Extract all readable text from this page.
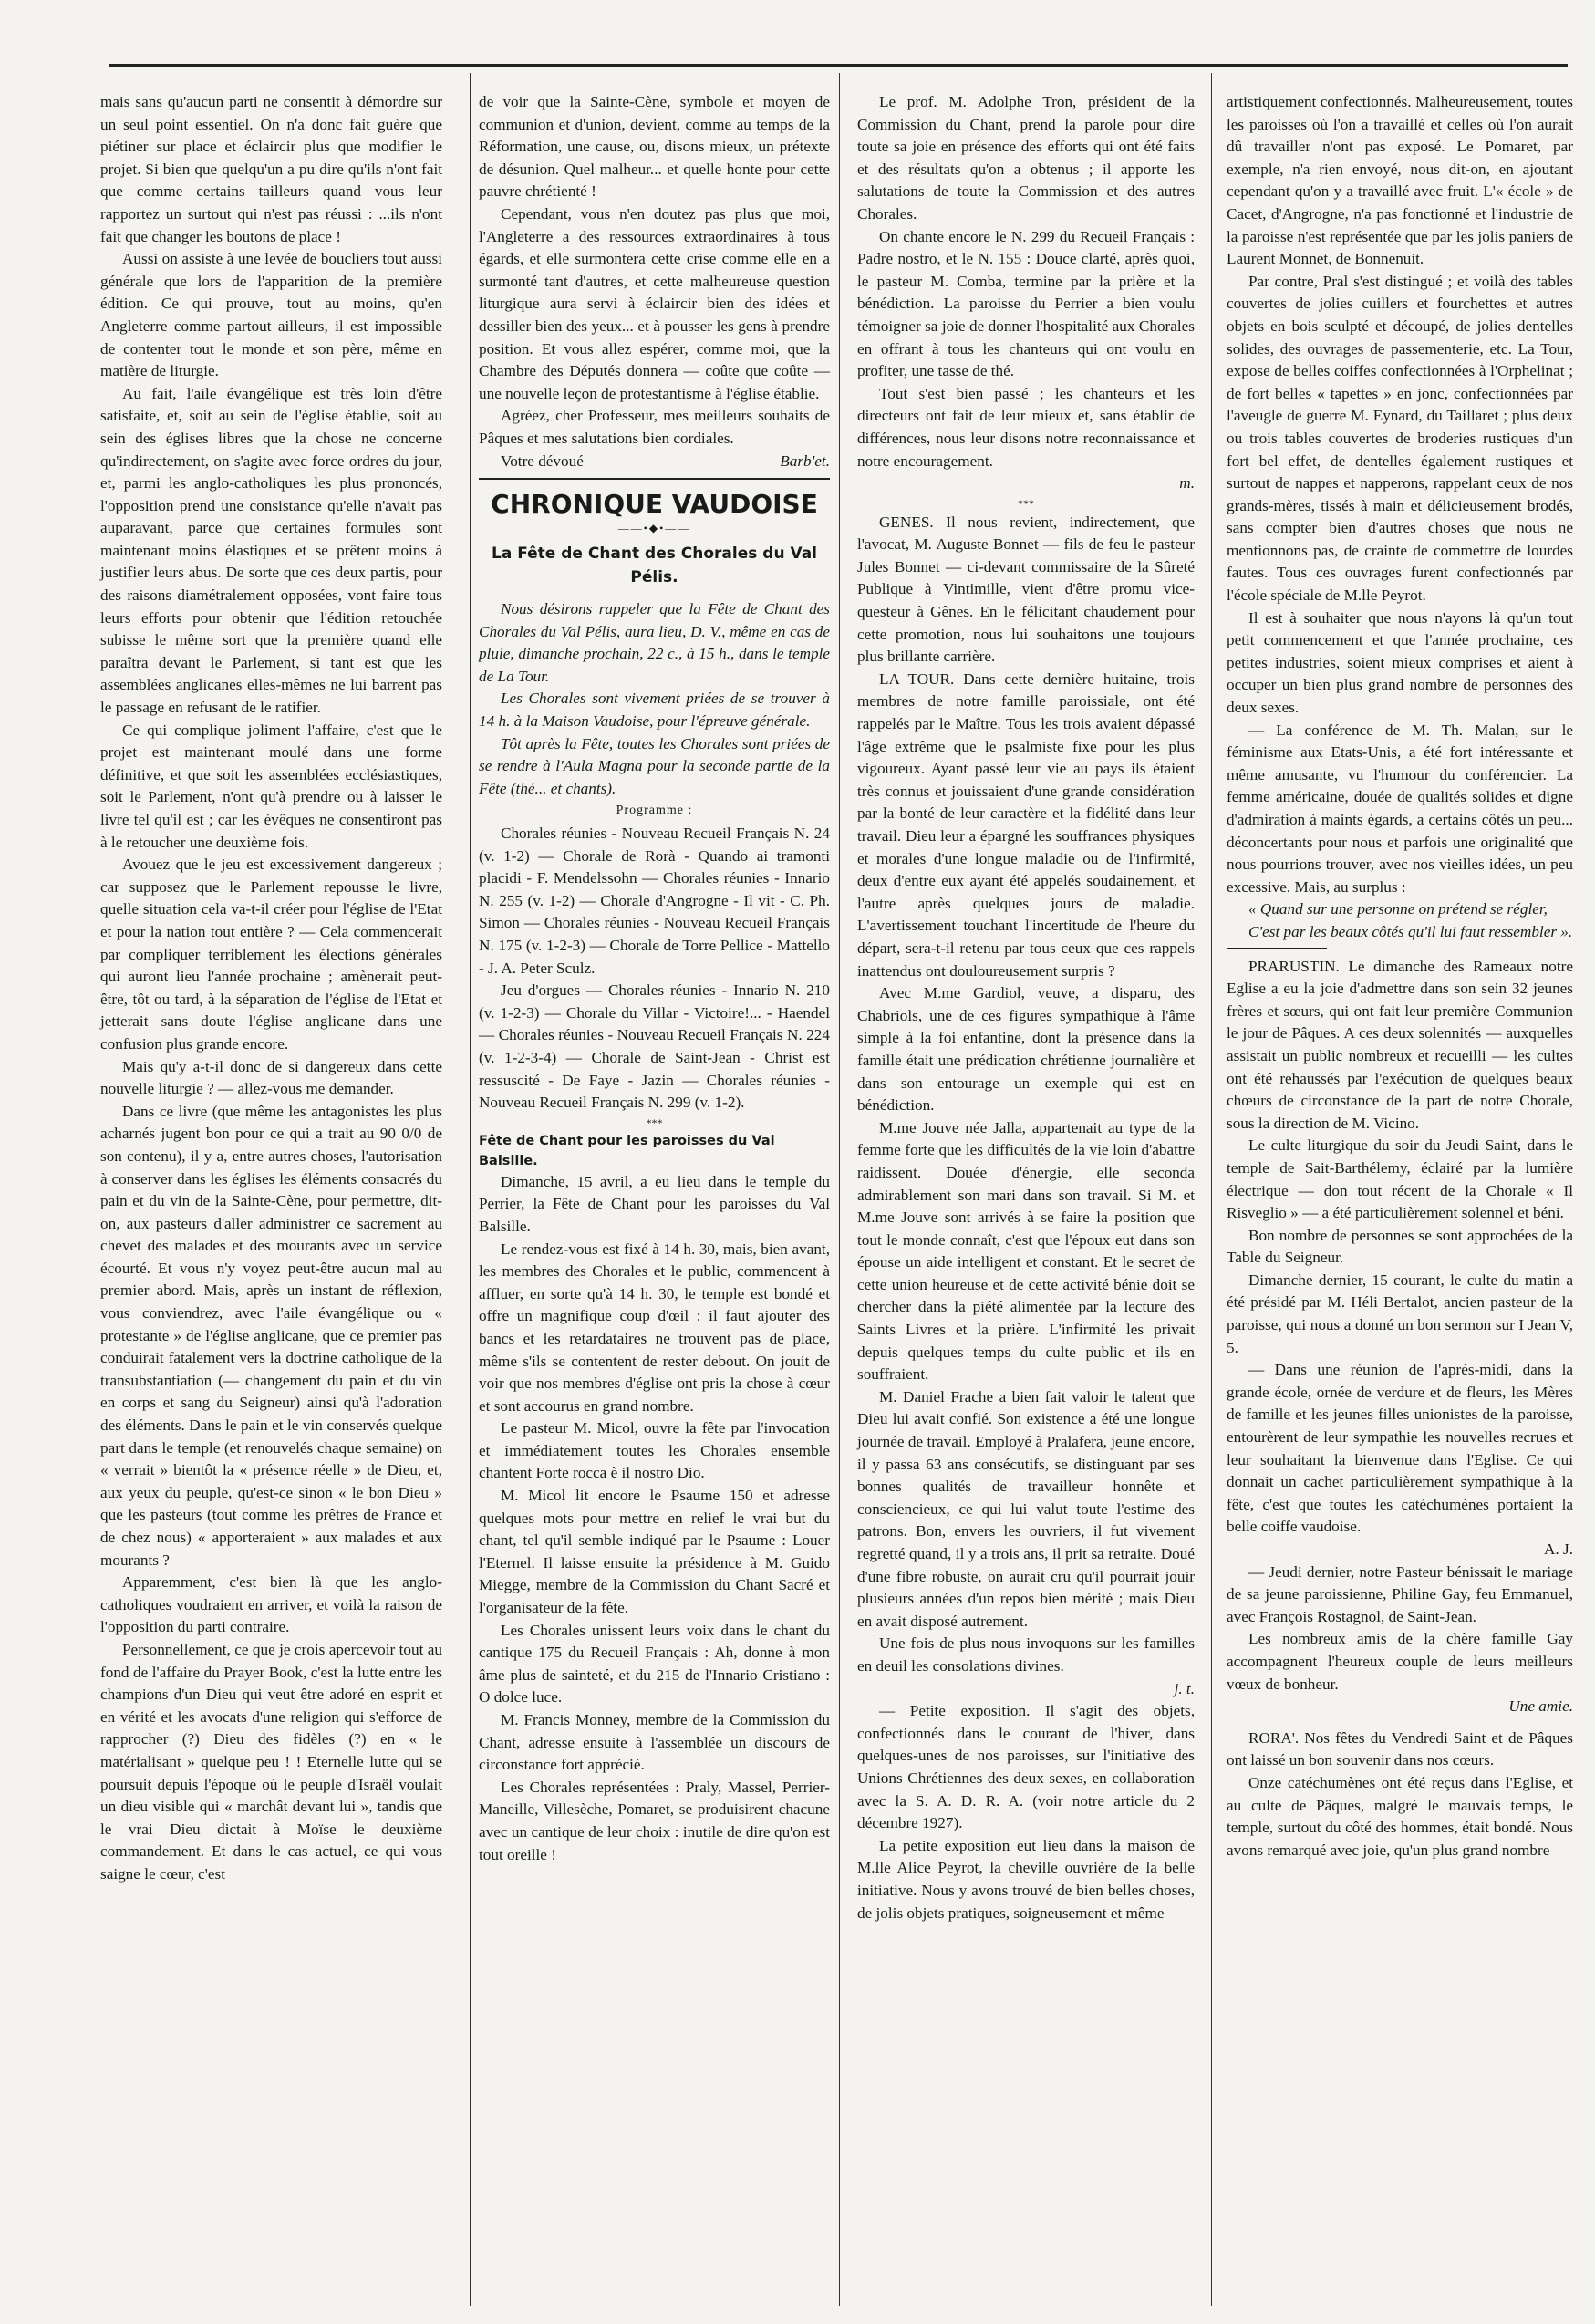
mais sans qu'aucun parti ne consentit à démordre sur un seul point essentiel. On n'a donc fait guère que piétiner sur place et éclaircir plus que modifier le projet. Si bien que quelqu'un a pu dire qu'ils n'ont fait que comme certains tailleurs quand vous leur rapportez un surtout qui n'est pas réussi : ...ils n'ont fait que changer les boutons de place !

Aussi on assiste à une levée de boucliers tout aussi générale que lors de l'apparition de la première édition. Ce qui prouve, tout au moins, qu'en Angleterre comme partout ailleurs, il est impossible de contenter tout le monde et son père, même en matière de liturgie.

Au fait, l'aile évangélique est très loin d'être satisfaite, et, soit au sein de l'église établie, soit au sein des églises libres que la chose ne concerne qu'indirectement, on s'agite avec force ordres du jour, et, parmi les anglo-catholiques les plus prononcés, l'opposition prend une consistance qu'elle n'avait pas auparavant, parce que certaines formules sont maintenant moins élastiques et se prêtent moins à justifier leurs abus. De sorte que ces deux partis, pour des raisons diamétralement opposées, vont faire tous leurs efforts pour obtenir que l'édition retouchée subisse le même sort que la première quand elle paraîtra devant le Parlement, si tant est que les assemblées anglicanes elles-mêmes ne lui barrent pas le passage en refusant de le ratifier.

Ce qui complique joliment l'affaire, c'est que le projet est maintenant moulé dans une forme définitive, et que soit les assemblées ecclésiastiques, soit le Parlement, n'ont qu'à prendre ou à laisser le livre tel qu'il est ; car les évêques ne consentiront pas à le retoucher une deuxième fois.

Avouez que le jeu est excessivement dangereux ; car supposez que le Parlement repousse le livre, quelle situation cela va-t-il créer pour l'église de l'Etat et pour la nation tout entière ? — Cela commencerait par compliquer terriblement les élections générales qui auront lieu l'année prochaine ; amènerait peut-être, tôt ou tard, à la séparation de l'église de l'Etat et jetterait sans doute l'église anglicane dans une confusion plus grande encore.

Mais qu'y a-t-il donc de si dangereux dans cette nouvelle liturgie ? — allez-vous me demander.

Dans ce livre (que même les antagonistes les plus acharnés jugent bon pour ce qui a trait au 90 0/0 de son contenu), il y a, entre autres choses, l'autorisation à conserver dans les églises les éléments consacrés du pain et du vin de la Sainte-Cène, pour permettre, dit-on, aux pasteurs d'aller administrer ce sacrement au chevet des malades et des mourants avec un service écourté. Et vous n'y voyez peut-être aucun mal au premier abord. Mais, après un instant de réflexion, vous conviendrez, avec l'aile évangélique ou « protestante » de l'église anglicane, que ce premier pas conduirait fatalement vers la doctrine catholique de la transubstantiation (— changement du pain et du vin en corps et sang du Seigneur) ainsi qu'à l'adoration des éléments. Dans le pain et le vin conservés quelque part dans le temple (et renouvelés chaque semaine) on « verrait » bientôt la « présence réelle » de Dieu, et, aux yeux du peuple, qu'est-ce sinon « le bon Dieu » que les pasteurs (tout comme les prêtres de France et de chez nous) « apporteraient » aux malades et aux mourants ?

Apparemment, c'est bien là que les anglo-catholiques voudraient en arriver, et voilà la raison de l'opposition du parti contraire.

Personnellement, ce que je crois apercevoir tout au fond de l'affaire du Prayer Book, c'est la lutte entre les champions d'un Dieu qui veut être adoré en esprit et en vérité et les avocats d'une religion qui s'efforce de rapprocher (?) Dieu des fidèles (?) en « le matérialisant » quelque peu ! ! Eternelle lutte qui se poursuit depuis l'époque où le peuple d'Israël voulait un dieu visible qui « marchât devant lui », tandis que le vrai Dieu dictait à Moïse le deuxième commandement. Et dans le cas actuel, ce qui vous saigne le cœur, c'est

de voir que la Sainte-Cène, symbole et moyen de communion et d'union, devient, comme au temps de la Réformation, une cause, ou, disons mieux, un prétexte de désunion. Quel malheur... et quelle honte pour cette pauvre chrétienté !

Cependant, vous n'en doutez pas plus que moi, l'Angleterre a des ressources extraordinaires à tous égards, et elle surmontera cette crise comme elle en a surmonté tant d'autres, et cette malheureuse question liturgique aura servi à éclaircir bien des idées et dessiller bien des yeux... et à pousser les gens à prendre position. Et vous allez espérer, comme moi, que la Chambre des Députés donnera — coûte que coûte — une nouvelle leçon de protestantisme à l'église établie.

Agréez, cher Professeur, mes meilleurs souhaits de Pâques et mes salutations bien cordiales.

Votre dévoué	Barb'et.
CHRONIQUE VAUDOISE
——•◆•——
La Fête de Chant des Chorales du Val Pélis.

Nous désirons rappeler que la Fête de Chant des Chorales du Val Pélis, aura lieu, D. V., même en cas de pluie, dimanche prochain, 22 c., à 15 h., dans le temple de La Tour.

Les Chorales sont vivement priées de se trouver à 14 h. à la Maison Vaudoise, pour l'épreuve générale.

Tôt après la Fête, toutes les Chorales sont priées de se rendre à l'Aula Magna pour la seconde partie de la Fête (thé... et chants).

Programme :

Chorales réunies - Nouveau Recueil Français N. 24 (v. 1-2) — Chorale de Rorà - Quando ai tramonti placidi - F. Mendelssohn — Chorales réunies - Innario N. 255 (v. 1-2) — Chorale d'Angrogne - Il vit - C. Ph. Simon — Chorales réunies - Nouveau Recueil Français N. 175 (v. 1-2-3) — Chorale de Torre Pellice - Mattello - J. A. Peter Sculz.

Jeu d'orgues — Chorales réunies - Innario N. 210 (v. 1-2-3) — Chorale du Villar - Victoire!... - Haendel — Chorales réunies - Nouveau Recueil Français N. 224 (v. 1-2-3-4) — Chorale de Saint-Jean - Christ est ressuscité - De Faye - Jazin — Chorales réunies - Nouveau Recueil Français N. 299 (v. 1-2).

***

Fête de Chant pour les paroisses du Val Balsille.

Dimanche, 15 avril, a eu lieu dans le temple du Perrier, la Fête de Chant pour les paroisses du Val Balsille.

Le rendez-vous est fixé à 14 h. 30, mais, bien avant, les membres des Chorales et le public, commencent à affluer, en sorte qu'à 14 h. 30, le temple est bondé et offre un magnifique coup d'œil : il faut ajouter des bancs et les retardataires ne trouvent pas de place, même s'ils se contentent de rester debout. On jouit de voir que nos membres d'église ont pris la chose à cœur et sont accourus en grand nombre.

Le pasteur M. Micol, ouvre la fête par l'invocation et immédiatement toutes les Chorales ensemble chantent Forte rocca è il nostro Dio.

M. Micol lit encore le Psaume 150 et adresse quelques mots pour mettre en relief le vrai but du chant, tel qu'il semble indiqué par le Psaume : Louer l'Eternel. Il laisse ensuite la présidence à M. Guido Miegge, membre de la Commission du Chant Sacré et l'organisateur de la fête.

Les Chorales unissent leurs voix dans le chant du cantique 175 du Recueil Français : Ah, donne à mon âme plus de sainteté, et du 215 de l'Innario Cristiano : O dolce luce.

M. Francis Monney, membre de la Commission du Chant, adresse ensuite à l'assemblée un discours de circonstance fort apprécié.

Les Chorales représentées : Praly, Massel, Perrier-Maneille, Villesèche, Pomaret, se produisirent chacune avec un cantique de leur choix : inutile de dire qu'on est tout oreille !

Le prof. M. Adolphe Tron, président de la Commission du Chant, prend la parole pour dire toute sa joie en présence des efforts qui ont été faits et des résultats qu'on a obtenus ; il apporte les salutations de toute la Commission et des autres Chorales.

On chante encore le N. 299 du Recueil Français : Padre nostro, et le N. 155 : Douce clarté, après quoi, le pasteur M. Comba, termine par la prière et la bénédiction. La paroisse du Perrier a bien voulu témoigner sa joie de donner l'hospitalité aux Chorales en offrant à tous les chanteurs qui ont voulu en profiter, une tasse de thé.

Tout s'est bien passé ; les chanteurs et les directeurs ont fait de leur mieux et, sans établir de différences, nous leur disons notre reconnaissance et notre encouragement.

m.

***

GENES. Il nous revient, indirectement, que l'avocat, M. Auguste Bonnet — fils de feu le pasteur Jules Bonnet — ci-devant commissaire de la Sûreté Publique à Vintimille, vient d'être promu vice-questeur à Gênes. En le félicitant chaudement pour cette promotion, nous lui souhaitons une toujours plus brillante carrière.

LA TOUR. Dans cette dernière huitaine, trois membres de notre famille paroissiale, ont été rappelés par le Maître. Tous les trois avaient dépassé l'âge extrême que le psalmiste fixe pour les plus vigoureux. Ayant passé leur vie au pays ils étaient très connus et jouissaient d'une grande considération par la bonté de leur caractère et la fidélité dans leur travail. Dieu leur a épargné les souffrances physiques et morales d'une longue maladie ou de l'infirmité, deux d'entre eux ayant été appelés soudainement, et l'autre après quelques jours de maladie. L'avertissement touchant l'incertitude de l'heure du départ, sera-t-il retenu par tous ceux que ces rappels inattendus ont douloureusement surpris ?

Avec M.me Gardiol, veuve, a disparu, des Chabriols, une de ces figures sympathique à l'âme simple à la foi enfantine, dont la présence dans la famille était une prédication chrétienne journalière et dans son entourage un exemple qui est en bénédiction.

M.me Jouve née Jalla, appartenait au type de la femme forte que les difficultés de la vie loin d'abattre raidissent. Douée d'énergie, elle seconda admirablement son mari dans son travail. Si M. et M.me Jouve sont arrivés à se faire la position que tout le monde connaît, c'est que l'époux eut dans son épouse un aide intelligent et constant. Et le secret de cette union heureuse et de cette activité bénie doit se chercher dans la piété alimentée par la lecture des Saints Livres et la prière. L'infirmité les privait depuis quelques temps du culte public et ils en souffraient.

M. Daniel Frache a bien fait valoir le talent que Dieu lui avait confié. Son existence a été une longue journée de travail. Employé à Pralafera, jeune encore, il y passa 63 ans consécutifs, se distinguant par ses bonnes qualités de travailleur honnête et consciencieux, ce qui lui valut toute l'estime des patrons. Bon, envers les ouvriers, il fut vivement regretté quand, il y a trois ans, il prit sa retraite. Doué d'une fibre robuste, on aurait cru qu'il pourrait jouir plusieurs années d'un repos bien mérité ; mais Dieu en avait disposé autrement.

Une fois de plus nous invoquons sur les familles en deuil les consolations divines.

j. t.

— Petite exposition. Il s'agit des objets, confectionnés dans le courant de l'hiver, dans quelques-unes de nos paroisses, sur l'initiative des Unions Chrétiennes des deux sexes, en collaboration avec la S. A. D. R. A. (voir notre article du 2 décembre 1927).

La petite exposition eut lieu dans la maison de M.lle Alice Peyrot, la cheville ouvrière de la belle initiative. Nous y avons trouvé de bien belles choses, de jolis objets pratiques, soigneusement et même

artistiquement confectionnés. Malheureusement, toutes les paroisses où l'on a travaillé et celles où l'on aurait dû travailler n'ont pas exposé. Le Pomaret, par exemple, n'a rien envoyé, nous dit-on, en ajoutant cependant qu'on y a travaillé avec fruit. L'« école » de Cacet, d'Angrogne, n'a pas fonctionné et l'industrie de la paroisse n'est représentée que par les jolis paniers de Laurent Monnet, de Bonnenuit.

Par contre, Pral s'est distingué ; et voilà des tables couvertes de jolies cuillers et fourchettes et autres objets en bois sculpté et découpé, de jolies dentelles solides, des ouvrages de passementerie, etc. La Tour, expose de belles coiffes confectionnées à l'Orphelinat ; de fort belles « tapettes » en jonc, confectionnées par l'aveugle de guerre M. Eynard, du Taillaret ; plus deux ou trois tables couvertes de broderies rustiques d'un fort bel effet, de dentelles également rustiques et surtout de nappes et napperons, rappelant ceux de nos grands-mères, tissés à main et délicieusement brodés, sans compter bien d'autres choses que nous ne mentionnons pas, de crainte de commettre de lourdes fautes. Tous ces ouvrages furent confectionnés par l'école spéciale de M.lle Peyrot.

Il est à souhaiter que nous n'ayons là qu'un tout petit commencement et que l'année prochaine, ces petites industries, soient mieux comprises et aient à occuper un bien plus grand nombre de personnes des deux sexes.

— La conférence de M. Th. Malan, sur le féminisme aux Etats-Unis, a été fort intéressante et même amusante, vu l'humour du conférencier. La femme américaine, douée de qualités solides et digne d'admiration à maints égards, a certains côtés un peu... déconcertants pour nous et parfois une originalité que nous pourrions trouver, avec nos vieilles idées, un peu excessive. Mais, au surplus :

« Quand sur une personne on prétend se régler,

C'est par les beaux côtés qu'il lui faut ressembler ».

PRARUSTIN. Le dimanche des Rameaux notre Eglise a eu la joie d'admettre dans son sein 32 jeunes frères et sœurs, qui ont fait leur première Communion le jour de Pâques. A ces deux solennités — auxquelles assistait un public nombreux et recueilli — les cultes ont été rehaussés par l'exécution de quelques beaux chœurs de circonstance de la part de notre Chorale, sous la direction de M. Vicino.

Le culte liturgique du soir du Jeudi Saint, dans le temple de Sait-Barthélemy, éclairé par la lumière électrique — don tout récent de la Chorale « Il Risveglio » — a été particulièrement solennel et béni.

Bon nombre de personnes se sont approchées de la Table du Seigneur.

Dimanche dernier, 15 courant, le culte du matin a été présidé par M. Héli Bertalot, ancien pasteur de la paroisse, qui nous a donné un bon sermon sur I Jean V, 5.

— Dans une réunion de l'après-midi, dans la grande école, ornée de verdure et de fleurs, les Mères de famille et les jeunes filles unionistes de la paroisse, entourèrent de leur sympathie les nouvelles recrues et leur souhaitant la bienvenue dans l'Eglise. Ce qui donnait un cachet particulièrement sympathique à la fête, c'est que toutes les catéchumènes portaient la belle coiffe vaudoise.

A. J.

— Jeudi dernier, notre Pasteur bénissait le mariage de sa jeune paroissienne, Philine Gay, feu Emmanuel, avec François Rostagnol, de Saint-Jean.

Les nombreux amis de la chère famille Gay accompagnent l'heureux couple de leurs meilleurs vœux de bonheur.

Une amie.

RORA'. Nos fêtes du Vendredi Saint et de Pâques ont laissé un bon souvenir dans nos cœurs.

Onze catéchumènes ont été reçus dans l'Eglise, et au culte de Pâques, malgré le mauvais temps, le temple, surtout du côté des hommes, était bondé. Nous avons remarqué avec joie, qu'un plus grand nombre
